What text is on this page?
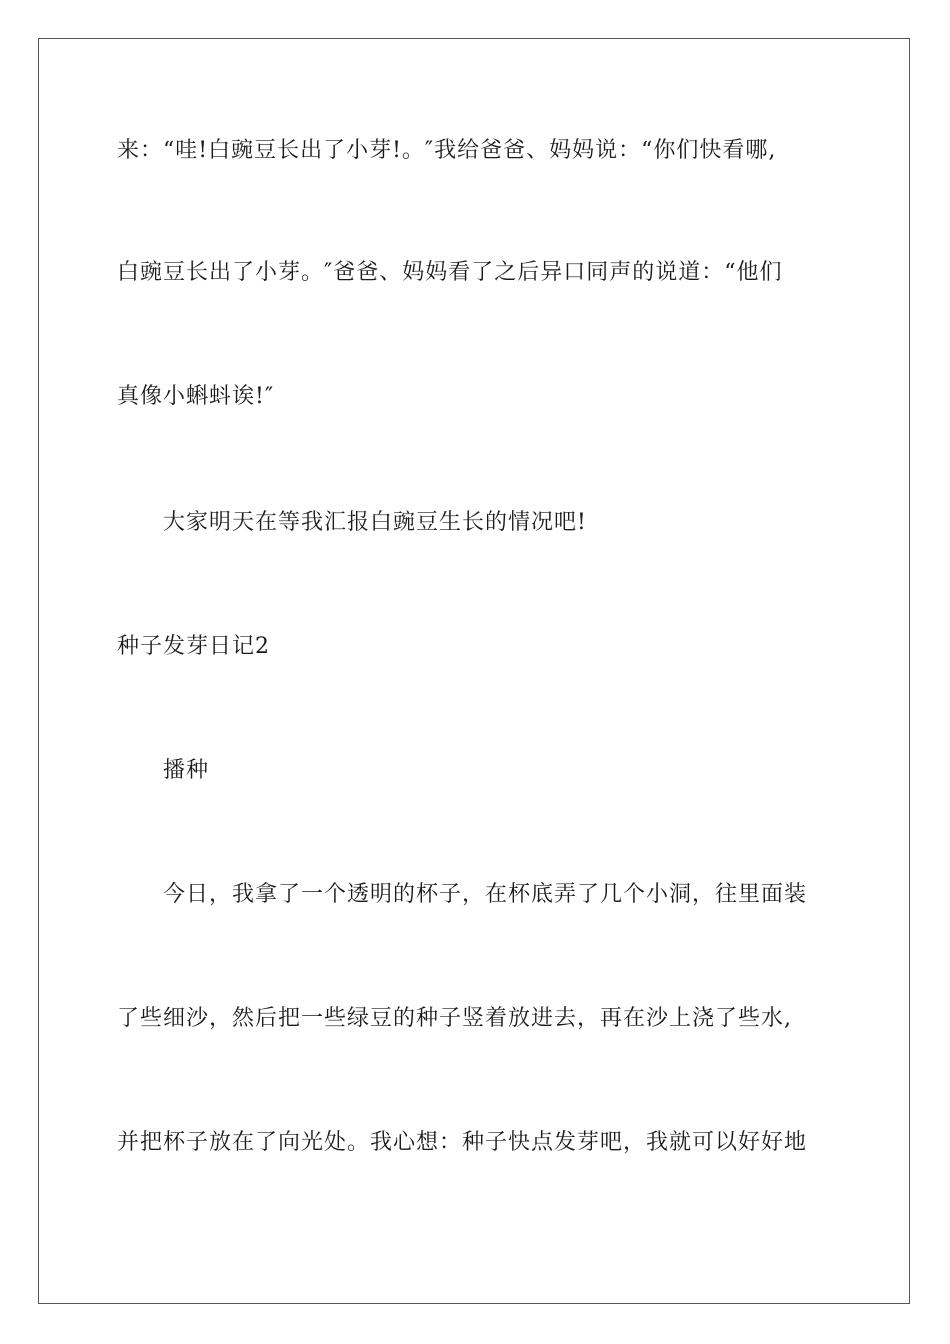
来：“哇!白豌豆长出了小芽!。″我给爸爸、妈妈说：“你们快看哪,
白豌豆长出了小芽。″爸爸、妈妈看了之后异口同声的说道：“他们
真像小蝌蚪诶!″
大家明天在等我汇报白豌豆生长的情况吧!
种子发芽日记2
播种
今日，我拿了一个透明的杯子，在杯底弄了几个小洞，往里面装
了些细沙，然后把一些绿豆的种子竖着放进去，再在沙上浇了些水,
并把杯子放在了向光处。我心想：种子快点发芽吧，我就可以好好地
